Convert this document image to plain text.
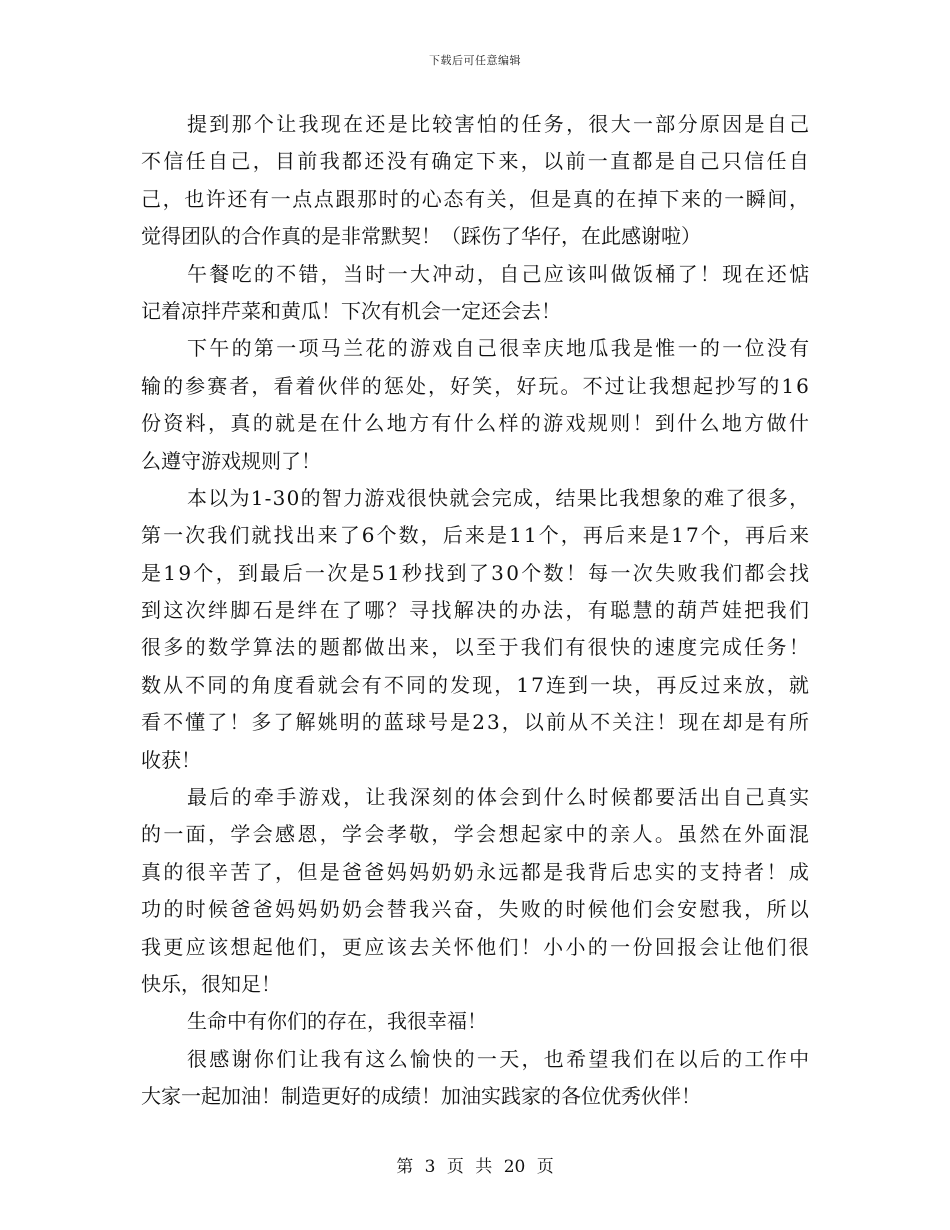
下载后可任意编辑
提到那个让我现在还是比较害怕的任务，很大一部分原因是自己
不信任自己，目前我都还没有确定下来，以前一直都是自己只信任自
己，也许还有一点点跟那时的心态有关，但是真的在掉下来的一瞬间，
觉得团队的合作真的是非常默契！（踩伤了华仔，在此感谢啦）
午餐吃的不错，当时一大冲动，自己应该叫做饭桶了！现在还惦
记着凉拌芹菜和黄瓜！下次有机会一定还会去！
下午的第一项马兰花的游戏自己很幸庆地瓜我是惟一的一位没有
输的参赛者，看着伙伴的惩处，好笑，好玩。不过让我想起抄写的16
份资料，真的就是在什么地方有什么样的游戏规则！到什么地方做什
么遵守游戏规则了！
本以为1-30的智力游戏很快就会完成，结果比我想象的难了很多，
第一次我们就找出来了6个数，后来是11个，再后来是17个，再后来
是19个，到最后一次是51秒找到了30个数！每一次失败我们都会找
到这次绊脚石是绊在了哪？寻找解决的办法，有聪慧的葫芦娃把我们
很多的数学算法的题都做出来，以至于我们有很快的速度完成任务！
数从不同的角度看就会有不同的发现，17连到一块，再反过来放，就
看不懂了！多了解姚明的蓝球号是23，以前从不关注！现在却是有所
收获！
最后的牵手游戏，让我深刻的体会到什么时候都要活出自己真实
的一面，学会感恩，学会孝敬，学会想起家中的亲人。虽然在外面混
真的很辛苦了，但是爸爸妈妈奶奶永远都是我背后忠实的支持者！成
功的时候爸爸妈妈奶奶会替我兴奋，失败的时候他们会安慰我，所以
我更应该想起他们，更应该去关怀他们！小小的一份回报会让他们很
快乐，很知足！
生命中有你们的存在，我很幸福！
很感谢你们让我有这么愉快的一天，也希望我们在以后的工作中
大家一起加油！制造更好的成绩！加油实践家的各位优秀伙伴！
第 3 页 共 20 页
